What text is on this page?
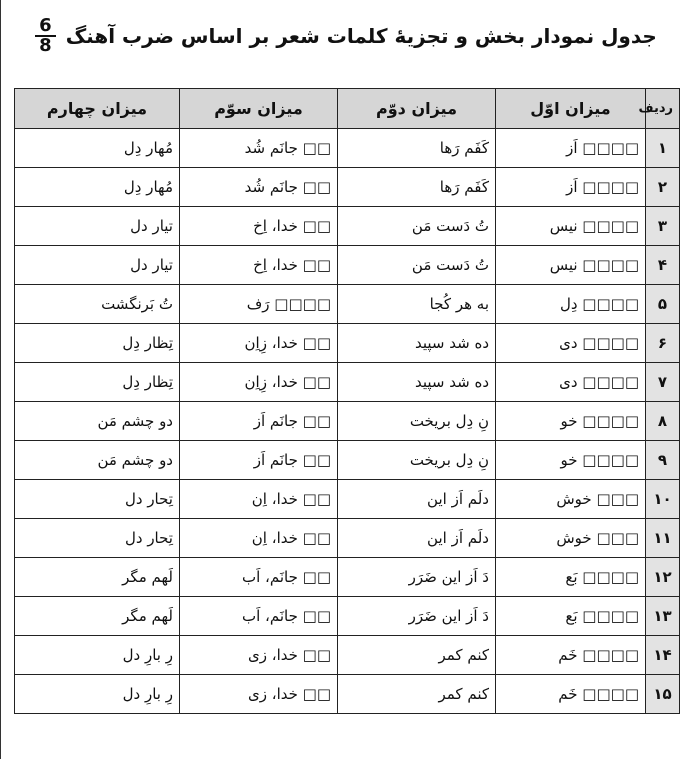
جدول نمودار بخش و تجزیهٔ کلمات شعر بر اساس ضرب آهنگ
$\frac{6}{8}$
ردیف	میزان اوّل	میزان دوّم	میزان سوّم	میزان چهارم
۱	□□□□ اَز	کَفَم رَها	□□ جانَم شُد	مُهار دِل
۲	□□□□ اَز	کَفَم رَها	□□ جانَم شُد	مُهار دِل
۳	□□□□ نیس	تُ دَست مَن	□□ خدا، اِخ	تیار دل
۴	□□□□ نیس	تُ دَست مَن	□□ خدا، اِخ	تیار دل
۵	□□□□ دِل	به هر کُجا	□□□□ رَف	تُ بَرنگشت
۶	□□□□ دی	ده شد سپید	□□ خدا، زِاِن	تِظار دِل
۷	□□□□ دی	ده شد سپید	□□ خدا، زِاِن	تِظار دِل
۸	□□□□ خو	نِ دِل بریخت	□□ جانَم اَز	دو چشم مَن
۹	□□□□ خو	نِ دِل بریخت	□□ جانَم اَز	دو چشم مَن
۱۰	□□□ خوش	دلَم اَز این	□□ خدا، اِن	تِحار دل
۱۱	□□□ خوش	دلَم اَز این	□□ خدا، اِن	تِحار دل
۱۲	□□□□ بَع	دَ اَز این ضَرَر	□□ جانَم، اَب	لَهم مگر
۱۳	□□□□ بَع	دَ اَز این ضَرَر	□□ جانَم، اَب	لَهم مگر
۱۴	□□□□ خَم	کنم کمر	□□ خدا، زی	رِ بارِ دل
۱۵	□□□□ خَم	کنم کمر	□□ خدا، زی	رِ بارِ دل
